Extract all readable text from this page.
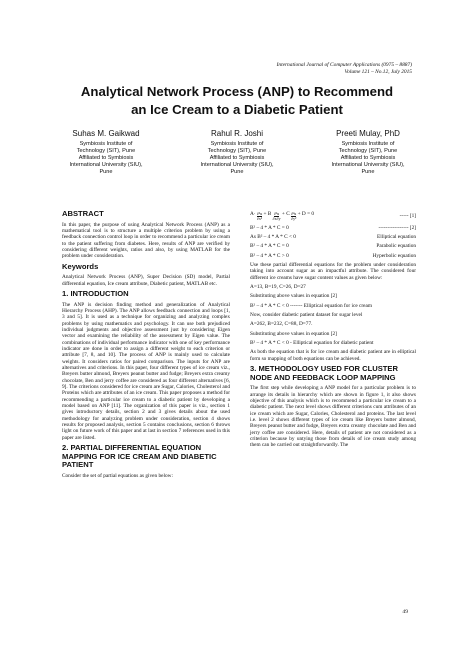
International Journal of Computer Applications (0975 – 8887)
Volume 121 – No.12, July 2015
Analytical Network Process (ANP) to Recommend
an Ice Cream to a Diabetic Patient
Suhas M. Gaikwad
Symbiosis Institute of
Technology (SIT), Pune
Affiliated to Symbiosis
International University (SIU),
Pune
Rahul R. Joshi
Symbiosis Institute of
Technology (SIT), Pune
Affiliated to Symbiosis
International University (SIU),
Pune
Preeti Mulay, PhD
Symbiosis Institute of
Technology (SIT), Pune
Affiliated to Symbiosis
International University (SIU),
Pune
ABSTRACT

In this paper, the purpose of using Analytical Network Process (ANP) as a mathematical tool is to structure a multiple criterion problem by using a feedback connection control loop in order to recommend a particular ice cream to the patient suffering from diabetes. Here, results of ANP are verified by considering different weights, ratios and also, by using MATLAB for the problem under consideration.

Keywords

Analytical Network Process (ANP), Super Decision (SD) model, Partial differential equation, Ice cream attribute, Diabetic patient, MATLAB etc.

1. INTRODUCTION

The ANP is decision finding method and generalization of Analytical Hierarchy Process (AHP). The ANP allows feedback connection and loops [1, 3 and 5]. It is used as a technique for organizing and analyzing complex problems by using mathematics and psychology. It can use both prejudiced individual judgments and objective assessment just by considering Eigen vector and examining the reliability of the assessment by Eigen value. The combinations of individual performance indicator with one of key performance indicator are done in order to assign a different weight to each criterion or attribute [7, 8, and 10]. The process of ANP is mainly used to calculate weights. It considers ratios for paired comparison. The inputs for ANP are alternatives and criterions. In this paper, four different types of ice cream viz., Breyers butter almond, Breyers peanut butter and fudge; Breyers extra creamy chocolate, Ben and jerry coffee are considered as four different alternatives [6, 9]. The criterions considered for ice cream are Sugar, Calories, Cholesterol and Proteins which are attributes of an ice cream. This paper proposes a method for recommending a particular ice cream to a diabetic patient by developing a model based on ANP [11]. The organization of this paper is viz., section 1 gives introductory details, section 2 and 3 gives details about the used methodology for analyzing problem under consideration, section 4 shows results for proposed analysis, section 5 contains conclusions, section 6 throws light on future work of this paper and at last in section 7 references used in this paper are listed.

2. PARTIAL DIFFERENTIAL EQUATION MAPPING FOR ICE CREAM AND DIABETIC PATIENT

Consider the set of partial equations as given below:

$A\cdot \frac{\text{∂²u}}{\text{∂x²}} + B \frac{\text{∂²u}}{\partial x\partial y} + C \frac{\text{∂²u}}{\text{∂y²}} + D = 0$	----- [1]
B² – 4 * A * C = 0	----------------- [2]
As B² – 4 * A * C < 0	Elliptical equation
B² – 4 * A * C = 0	Parabolic equation
B² – 4 * A * C > 0	Hyperbolic equation

Use these partial differential equations for the problem under consideration taking into account sugar as an impactful attribute. The considered four different ice creams have sugar content values as given below:

A=13, B=19, C=26, D=27

Substituting above values in equation [2]

B² – 4 * A * C < 0 ------- Elliptical equation for ice cream

Now, consider diabetic patient dataset for sugar level

A=262, B=232, C=88, D=77.

Substituting above values in equation [2]

B² – 4 * A * C < 0 - Elliptical equation for diabetic patient

As both the equation that is for ice cream and diabetic patient are in elliptical form so mapping of both equations can be achieved.

3. METHODOLOGY USED FOR CLUSTER NODE AND FEEDBACK LOOP MAPPING

The first step while developing a ANP model for a particular problem is to arrange its details in hierarchy which are shown in figure 1, it also shows objective of this analysis which is to recommend a particular ice cream to a diabetic patient. The next level shows different criterions cum attributes of an ice cream which are Sugar, Calories, Cholesterol and proteins. The last level i.e. level 2 shows different types of ice cream like Breyers butter almond, Breyers peanut butter and fudge, Breyers extra creamy chocolate and Ben and jerry coffee are considered. Here, details of patient are not considered as a criterion because by untying those from details of ice cream study among them can be carried out straightforwardly. The

49
